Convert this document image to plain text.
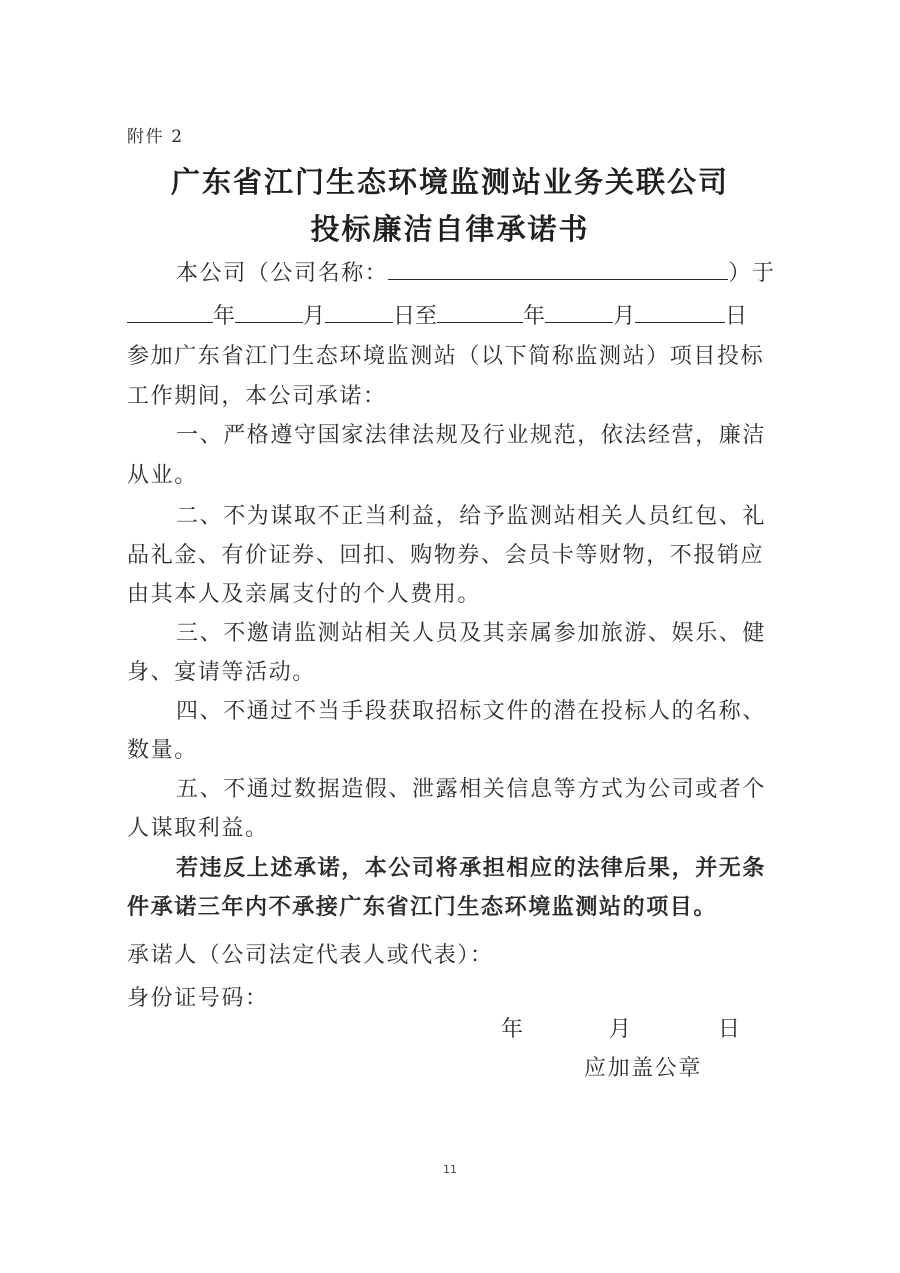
附件 2
广东省江门生态环境监测站业务关联公司
投标廉洁自律承诺书
本公司（公司名称：	）于
年	月	日至	年	月	日
参加广东省江门生态环境监测站（以下简称监测站）项目投标
工作期间，本公司承诺：
一、严格遵守国家法律法规及行业规范，依法经营，廉洁
从业。
二、不为谋取不正当利益，给予监测站相关人员红包、礼
品礼金、有价证券、回扣、购物券、会员卡等财物，不报销应
由其本人及亲属支付的个人费用。
三、不邀请监测站相关人员及其亲属参加旅游、娱乐、健
身、宴请等活动。
四、不通过不当手段获取招标文件的潜在投标人的名称、
数量。
五、不通过数据造假、泄露相关信息等方式为公司或者个
人谋取利益。
若违反上述承诺，本公司将承担相应的法律后果，并无条
件承诺三年内不承接广东省江门生态环境监测站的项目。
承诺人（公司法定代表人或代表）：
身份证号码：
年	月	日
应加盖公章
11
